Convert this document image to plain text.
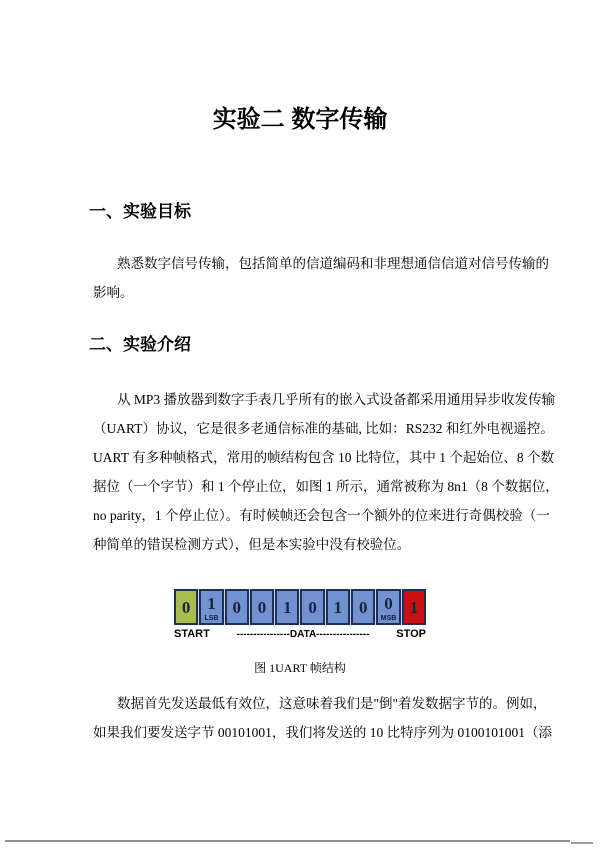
实验二 数字传输
一、实验目标
熟悉数字信号传输，包括简单的信道编码和非理想通信信道对信号传输的
影响。
二、实验介绍
从 MP3 播放器到数字手表几乎所有的嵌入式设备都采用通用异步收发传输
（UART）协议，它是很多老通信标准的基础, 比如：RS232 和红外电视遥控。
UART 有多种帧格式，常用的帧结构包含 10 比特位，其中 1 个起始位、8 个数
据位（一个字节）和 1 个停止位，如图 1 所示，通常被称为 8n1（8 个数据位，
no parity，1 个停止位）。有时候帧还会包含一个额外的位来进行奇偶校验（一
种简单的错误检测方式），但是本实验中没有校验位。
0 1
LSB
0 0 1 0 1 0 0
MSB
1
START	----------------DATA----------------	STOP
图 1UART 帧结构
数据首先发送最低有效位，这意味着我们是"倒"着发数据字节的。例如，
如果我们要发送字节 00101001，我们将发送的 10 比特序列为 0100101001（添
